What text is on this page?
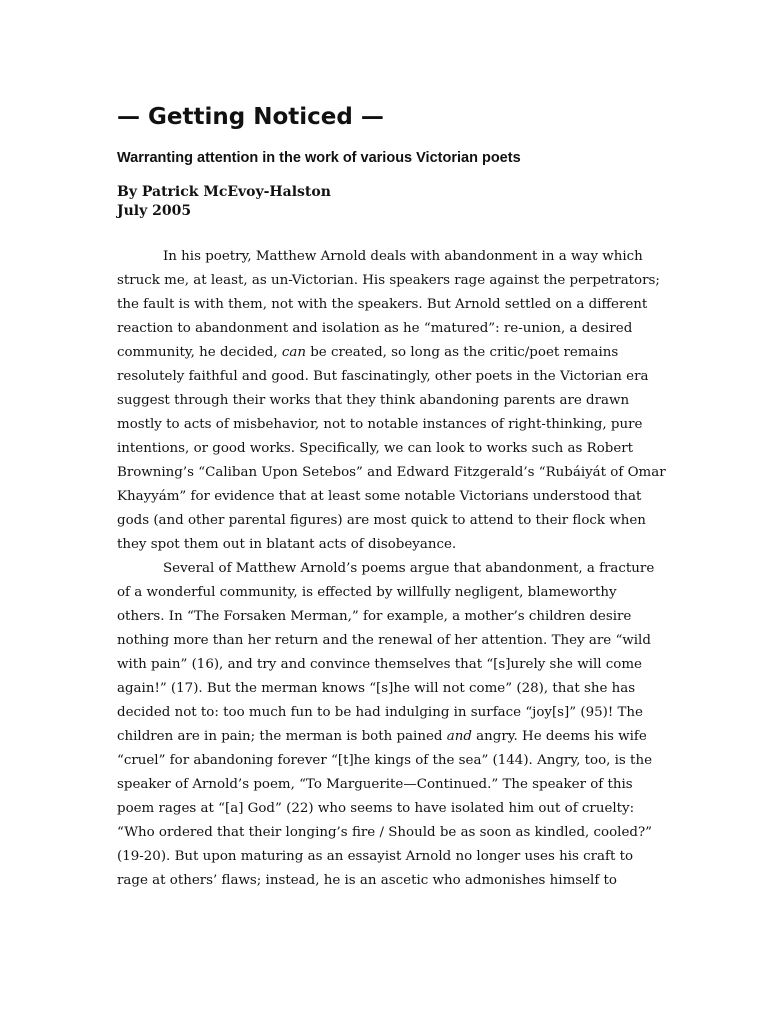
— Getting Noticed —
Warranting attention in the work of various Victorian poets
By Patrick McEvoy-Halston
July 2005
In his poetry, Matthew Arnold deals with abandonment in a way which
struck me, at least, as un-Victorian. His speakers rage against the perpetrators;
the fault is with them, not with the speakers. But Arnold settled on a different
reaction to abandonment and isolation as he “matured”: re-union, a desired
community, he decided, can be created, so long as the critic/poet remains
resolutely faithful and good. But fascinatingly, other poets in the Victorian era
suggest through their works that they think abandoning parents are drawn
mostly to acts of misbehavior, not to notable instances of right-thinking, pure
intentions, or good works. Specifically, we can look to works such as Robert
Browning’s “Caliban Upon Setebos” and Edward Fitzgerald’s “Rubáiyát of Omar
Khayyám” for evidence that at least some notable Victorians understood that
gods (and other parental figures) are most quick to attend to their flock when
they spot them out in blatant acts of disobeyance.
Several of Matthew Arnold’s poems argue that abandonment, a fracture
of a wonderful community, is effected by willfully negligent, blameworthy
others. In “The Forsaken Merman,” for example, a mother’s children desire
nothing more than her return and the renewal of her attention. They are “wild
with pain” (16), and try and convince themselves that “[s]urely she will come
again!” (17). But the merman knows “[s]he will not come” (28), that she has
decided not to: too much fun to be had indulging in surface “joy[s]” (95)! The
children are in pain; the merman is both pained and angry. He deems his wife
“cruel” for abandoning forever “[t]he kings of the sea” (144). Angry, too, is the
speaker of Arnold’s poem, “To Marguerite—Continued.” The speaker of this
poem rages at “[a] God” (22) who seems to have isolated him out of cruelty:
“Who ordered that their longing’s fire / Should be as soon as kindled, cooled?”
(19-20). But upon maturing as an essayist Arnold no longer uses his craft to
rage at others’ flaws; instead, he is an ascetic who admonishes himself to
